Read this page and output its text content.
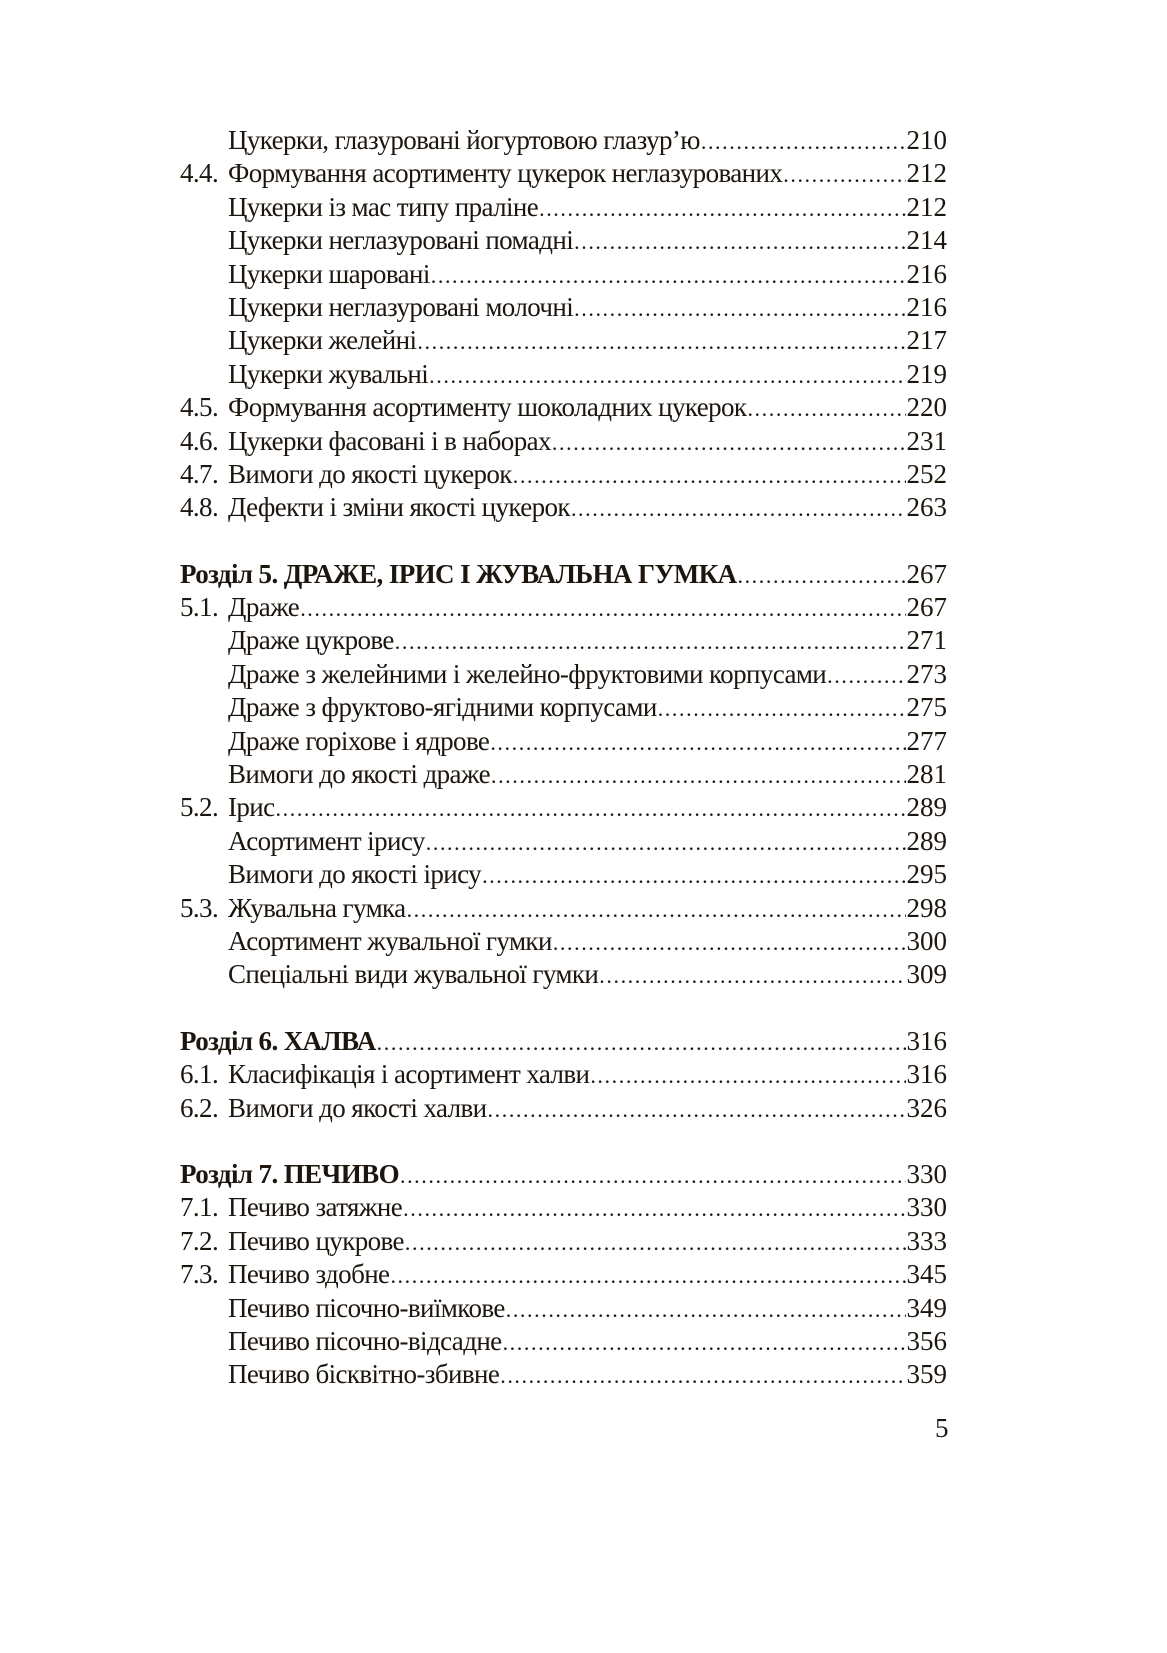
Цукерки, глазуровані йогуртовою глазур’ю .....	210
4.4. Формування асортименту цукерок неглазурованих .....	212
Цукерки із мас типу праліне .....	212
Цукерки неглазуровані помадні .....	214
Цукерки шаровані .....	216
Цукерки неглазуровані молочні .....	216
Цукерки желейні .....	217
Цукерки жувальні .....	219
4.5. Формування асортименту шоколадних цукерок .....	220
4.6. Цукерки фасовані і в наборах .....	231
4.7. Вимоги до якості цукерок .....	252
4.8. Дефекти і зміни якості цукерок .....	263
Розділ 5. ДРАЖЕ, ІРИС І ЖУВАЛЬНА ГУМКА .....	267
5.1. Драже .....	267
Драже цукрове .....	271
Драже з желейними і желейно-фруктовими корпусами .....	273
Драже з фруктово-ягідними корпусами .....	275
Драже горіхове і ядрове .....	277
Вимоги до якості драже .....	281
5.2. Ірис .....	289
Асортимент ірису .....	289
Вимоги до якості ірису .....	295
5.3. Жувальна гумка .....	298
Асортимент жувальної гумки .....	300
Спеціальні види жувальної гумки .....	309
Розділ 6. ХАЛВА .....	316
6.1. Класифікація і асортимент халви .....	316
6.2. Вимоги до якості халви .....	326
Розділ 7. ПЕЧИВО .....	330
7.1. Печиво затяжне .....	330
7.2. Печиво цукрове .....	333
7.3. Печиво здобне .....	345
Печиво пісочно-виїмкове .....	349
Печиво пісочно-відсадне .....	356
Печиво бісквітно-збивне .....	359
5
